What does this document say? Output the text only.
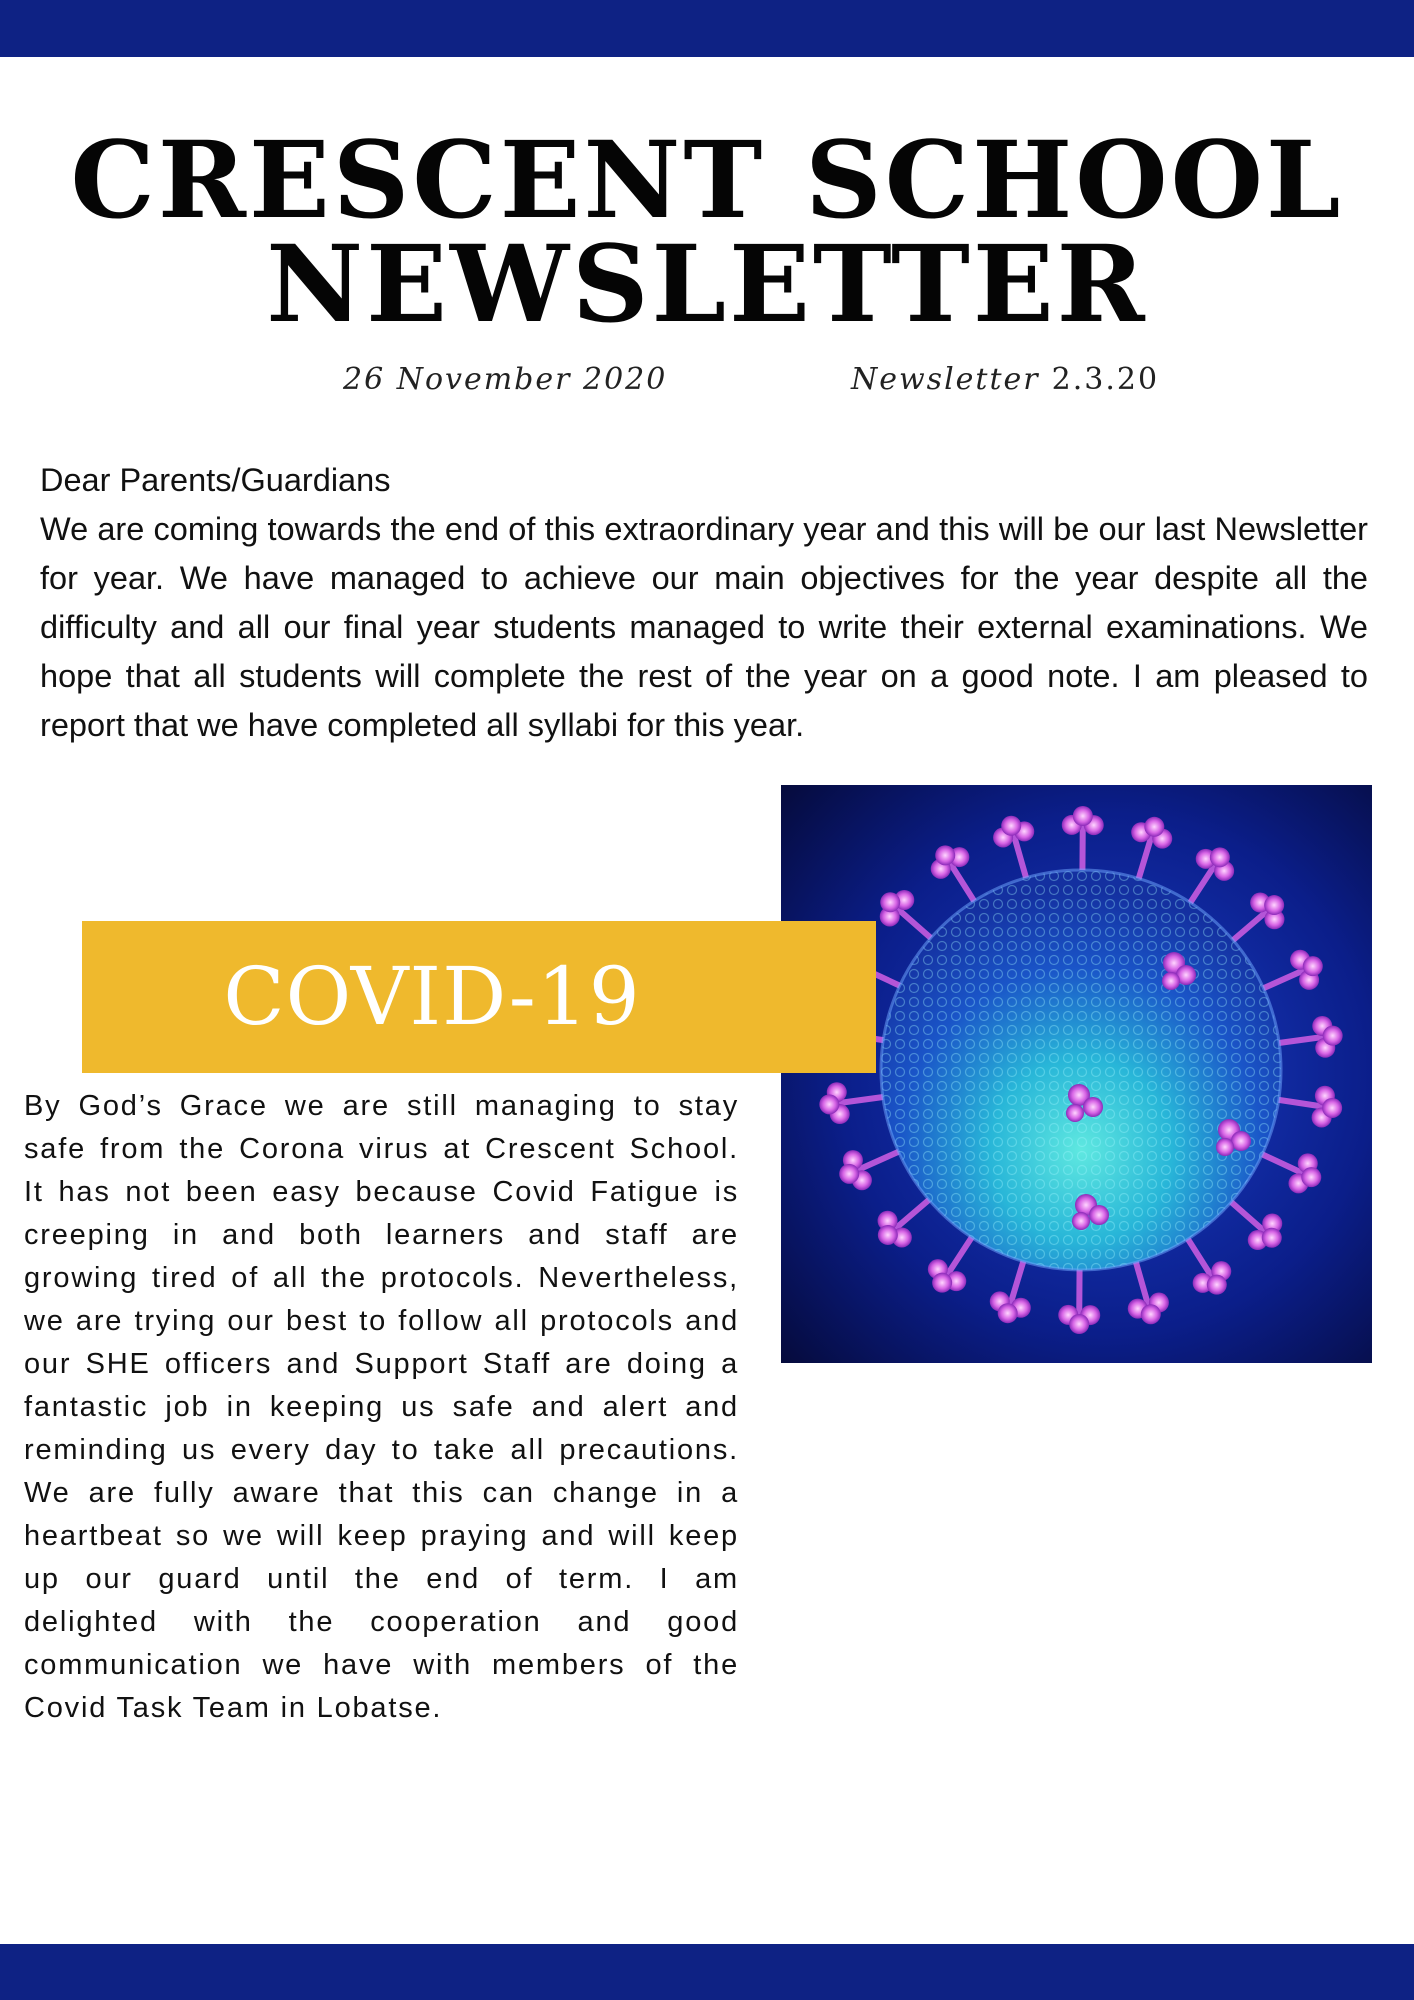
CRESCENT SCHOOL
NEWSLETTER
26 November 2020	Newsletter 2.3.20
Dear Parents/Guardians
We are coming towards the end of this extraordinary year and this will be our last Newsletter for year. We have managed to achieve our main objectives for the year despite all the difficulty and all our final year students managed to write their external examinations. We hope that all students will complete the rest of the year on a good note. I am pleased to report that we have completed all syllabi for this year.
COVID-19
By God’s Grace we are still managing to stay safe from the Corona virus at Crescent School. It has not been easy because Covid Fatigue is creeping in and both learners and staff are growing tired of all the protocols. Nevertheless, we are trying our best to follow all protocols and our SHE officers and Support Staff are doing a fantastic job in keeping us safe and alert and reminding us every day to take all precautions. We are fully aware that this can change in a heartbeat so we will keep praying and will keep up our guard until the end of term. I am delighted with the cooperation and good communication we have with members of the Covid Task Team in Lobatse.
